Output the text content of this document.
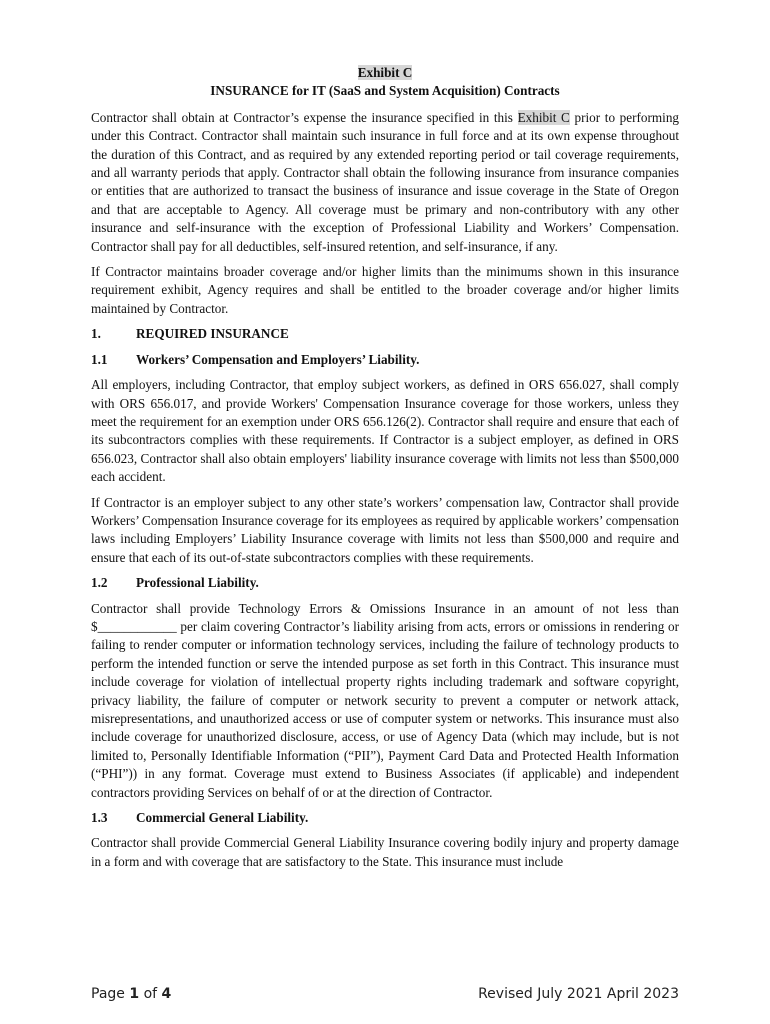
Exhibit C

INSURANCE for IT (SaaS and System Acquisition) Contracts

Contractor shall obtain at Contractor’s expense the insurance specified in this Exhibit C prior to performing under this Contract. Contractor shall maintain such insurance in full force and at its own expense throughout the duration of this Contract, and as required by any extended reporting period or tail coverage requirements, and all warranty periods that apply. Contractor shall obtain the following insurance from insurance companies or entities that are authorized to transact the business of insurance and issue coverage in the State of Oregon and that are acceptable to Agency. All coverage must be primary and non-contributory with any other insurance and self-insurance with the exception of Professional Liability and Workers’ Compensation. Contractor shall pay for all deductibles, self-insured retention, and self-insurance, if any.

If Contractor maintains broader coverage and/or higher limits than the minimums shown in this insurance requirement exhibit, Agency requires and shall be entitled to the broader coverage and/or higher limits maintained by Contractor.

1.	REQUIRED INSURANCE

1.1	Workers’ Compensation and Employers’ Liability.

All employers, including Contractor, that employ subject workers, as defined in ORS 656.027, shall comply with ORS 656.017, and provide Workers' Compensation Insurance coverage for those workers, unless they meet the requirement for an exemption under ORS 656.126(2). Contractor shall require and ensure that each of its subcontractors complies with these requirements. If Contractor is a subject employer, as defined in ORS 656.023, Contractor shall also obtain employers' liability insurance coverage with limits not less than $500,000 each accident.

If Contractor is an employer subject to any other state’s workers’ compensation law, Contractor shall provide Workers’ Compensation Insurance coverage for its employees as required by applicable workers’ compensation laws including Employers’ Liability Insurance coverage with limits not less than $500,000 and require and ensure that each of its out-of-state subcontractors complies with these requirements.

1.2	Professional Liability.

Contractor shall provide Technology Errors & Omissions Insurance in an amount of not less than $____________ per claim covering Contractor’s liability arising from acts, errors or omissions in rendering or failing to render computer or information technology services, including the failure of technology products to perform the intended function or serve the intended purpose as set forth in this Contract. This insurance must include coverage for violation of intellectual property rights including trademark and software copyright, privacy liability, the failure of computer or network security to prevent a computer or network attack, misrepresentations, and unauthorized access or use of computer system or networks. This insurance must also include coverage for unauthorized disclosure, access, or use of Agency Data (which may include, but is not limited to, Personally Identifiable Information (“PII”), Payment Card Data and Protected Health Information (“PHI”)) in any format. Coverage must extend to Business Associates (if applicable) and independent contractors providing Services on behalf of or at the direction of Contractor.

1.3	Commercial General Liability.

Contractor shall provide Commercial General Liability Insurance covering bodily injury and property damage in a form and with coverage that are satisfactory to the State. This insurance must include

Page 1 of 4	Revised July 2021 April 2023
